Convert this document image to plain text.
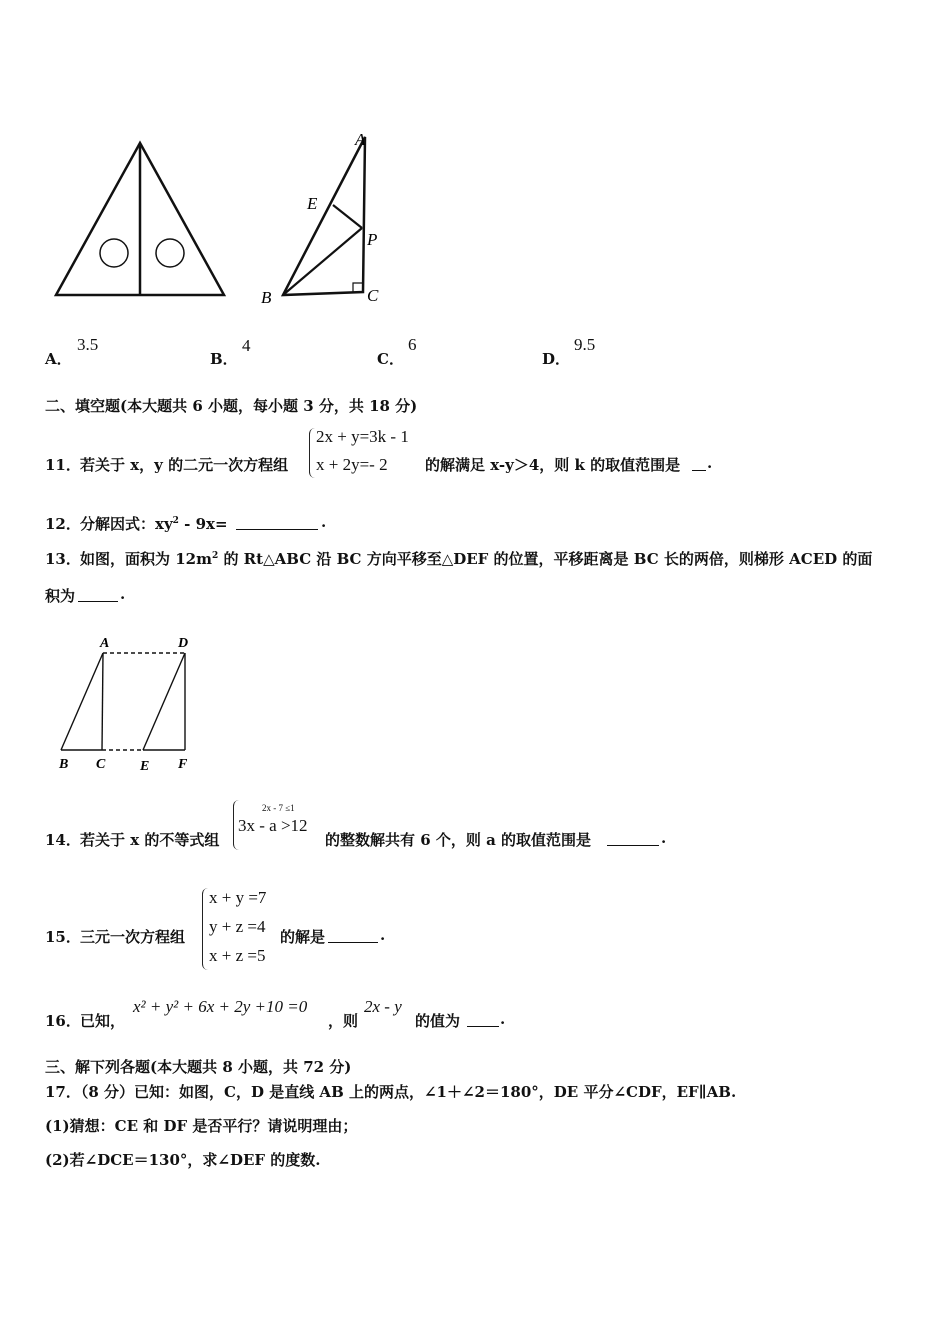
A
E
P
B	C
A．
3.5
B．
4
C．
6
D．
9.5
二、填空题(本大题共 6 小题，每小题 3 分，共 18 分)
11． 若关于 x，y 的二元一次方程组
2x + y=3k - 1
x + 2y=- 2 的解满足 x-y＞4，则 k 的取值范围是 .
12． 分解因式：$xy^2 - 9x=$	.
13． 如图，面积为 $12m^2$ 的 Rt△ABC 沿 BC 方向平移至△DEF 的位置，平移距离是 BC 长的两倍，则梯形 ACED 的面
积为	.
A	D
B C E F
14． 若关于 x 的不等式组
2x - 7 ≤1
3x - a >12
的整数解共有 6 个，则 a 的取值范围是	.
15． 三元一次方程组
x + y =7
y + z =4
x + z =5
的解是	.
16． 已知，
x² + y² + 6x + 2y +10 =0
，则
2x - y
的值为	.
三、解下列各题(本大题共 8 小题，共 72 分)
17．（8 分）已知：如图，C，D 是直线 AB 上的两点，∠1＋∠2＝180°，DE 平分∠CDF，EF∥AB.
(1)猜想：CE 和 DF 是否平行？请说明理由；
(2)若∠DCE＝130°，求∠DEF 的度数.
